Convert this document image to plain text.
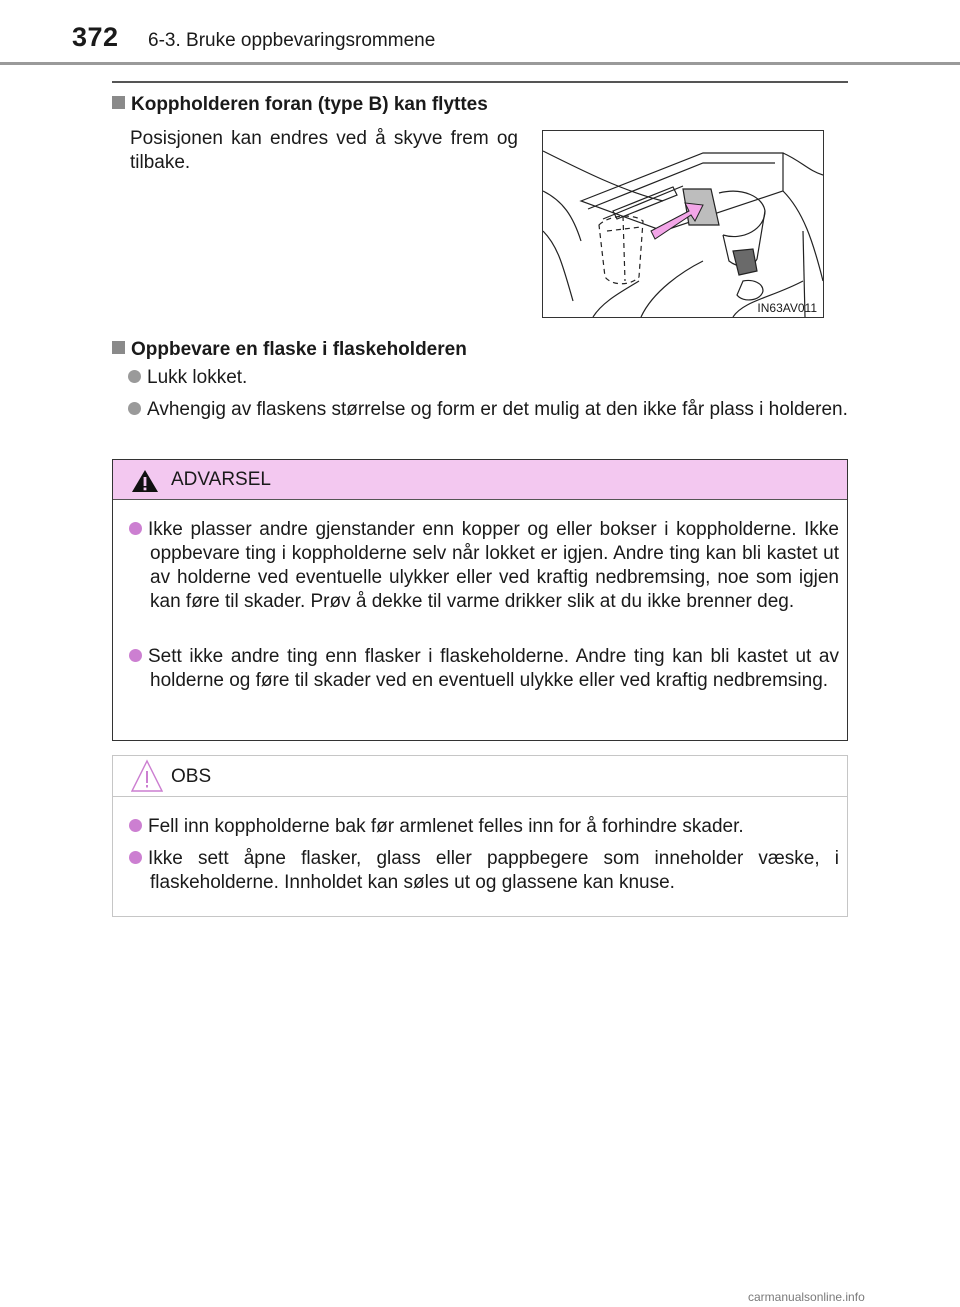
372 6-3. Bruke oppbevaringsrommene
Koppholderen foran (type B) kan flyttes
Posisjonen kan endres ved å skyve frem og tilbake.
IN63AV011
Oppbevare en flaske i flaskeholderen
Lukk lokket.
Avhengig av flaskens størrelse og form er det mulig at den ikke får plass i holderen.
ADVARSEL
Ikke plasser andre gjenstander enn kopper og eller bokser i koppholderne. Ikke oppbevare ting i koppholderne selv når lokket er igjen. Andre ting kan bli kastet ut av holderne ved eventuelle ulykker eller ved kraftig nedbremsing, noe som igjen kan føre til skader. Prøv å dekke til varme drikker slik at du ikke brenner deg.
Sett ikke andre ting enn flasker i flaskeholderne. Andre ting kan bli kastet ut av holderne og føre til skader ved en eventuell ulykke eller ved kraftig nedbremsing.
OBS
Fell inn koppholderne bak før armlenet felles inn for å forhindre skader.
Ikke sett åpne flasker, glass eller pappbegere som inneholder væske, i flaskeholderne. Innholdet kan søles ut og glassene kan knuse.
carmanualsonline.info
